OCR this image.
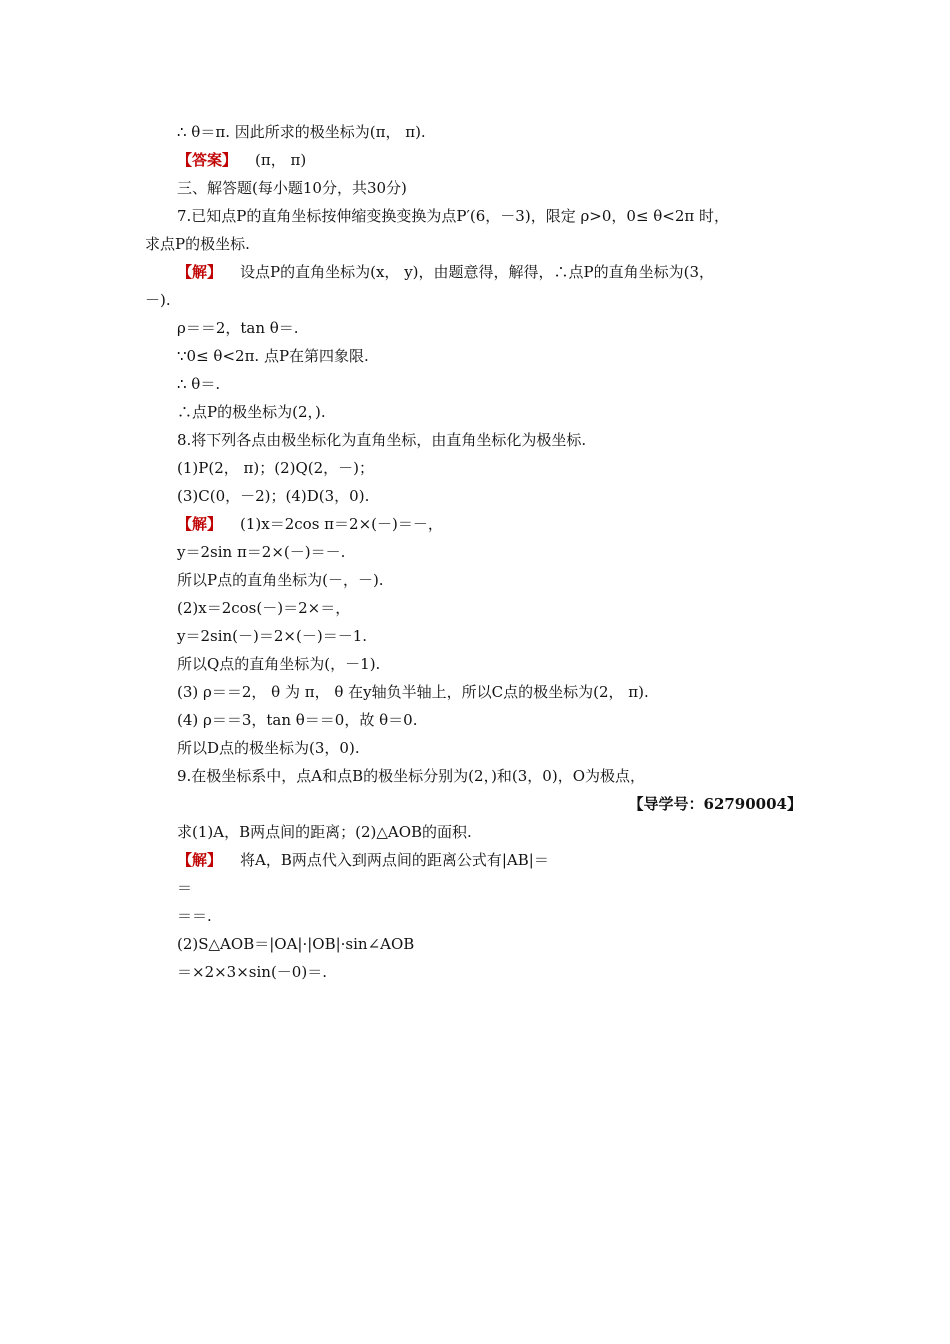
∴ θ＝π. 因此所求的极坐标为(π， π).
【答案】 (π， π)
三、解答题(每小题10分，共30分)
7.已知点P的直角坐标按伸缩变换变换为点P′(6，－3)，限定 ρ>0，0≤ θ<2π 时，
求点P的极坐标.
【解】 设点P的直角坐标为(x， y)，由题意得，解得，∴点P的直角坐标为(3，
－).
ρ＝＝2，tan θ＝.
∵0≤ θ<2π. 点P在第四象限.
∴ θ＝.
∴点P的极坐标为(2，).
8.将下列各点由极坐标化为直角坐标，由直角坐标化为极坐标.
(1)P(2， π)；(2)Q(2，－)；
(3)C(0，－2)；(4)D(3，0).
【解】 (1)x＝2cos π＝2×(－)＝－，
y＝2sin π＝2×(－)＝－.
所以P点的直角坐标为(－，－).
(2)x＝2cos(－)＝2×＝，
y＝2sin(－)＝2×(－)＝－1.
所以Q点的直角坐标为(，－1).
(3) ρ＝＝2， θ 为 π， θ 在y轴负半轴上，所以C点的极坐标为(2， π).
(4) ρ＝＝3，tan θ＝＝0，故 θ＝0.
所以D点的极坐标为(3，0).
9.在极坐标系中，点A和点B的极坐标分别为(2，)和(3，0)，O为极点，
【导学号：62790004】
求(1)A，B两点间的距离；(2)△AOB的面积.
【解】 将A，B两点代入到两点间的距离公式有|AB|＝
＝
＝＝.
(2)S△AOB＝|OA|·|OB|·sin∠AOB
＝×2×3×sin(－0)＝.
